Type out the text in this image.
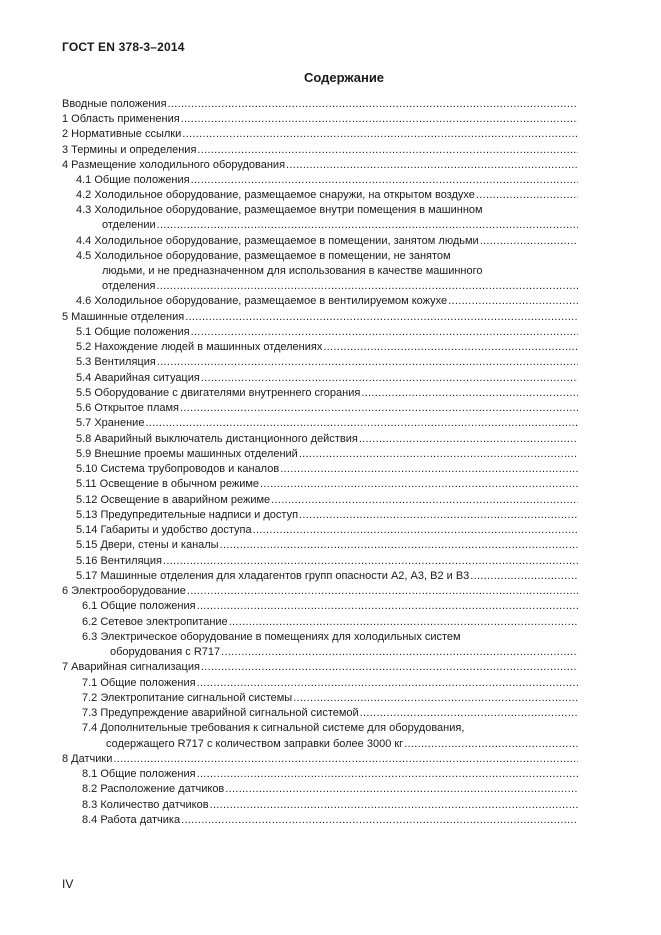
ГОСТ EN 378-3–2014
Содержание
Вводные положения
.....
1 Область применения
.....
2 Нормативные ссылки
.....
3 Термины и определения
.....
4 Размещение холодильного оборудования
.....
4.1 Общие положения
.....
4.2 Холодильное оборудование, размещаемое снаружи, на открытом воздухе
.....
4.3 Холодильное оборудование, размещаемое внутри помещения в машинном
отделении
.....
4.4 Холодильное оборудование, размещаемое в помещении, занятом людьми
.....
4.5 Холодильное оборудование, размещаемое в помещении, не занятом
людьми, и не предназначенном для использования в качестве машинного
отделения
.....
4.6 Холодильное оборудование, размещаемое в вентилируемом кожухе
.....
5 Машинные отделения
.....
5.1 Общие положения
.....
5.2 Нахождение людей в машинных отделениях
.....
5.3 Вентиляция
.....
5.4 Аварийная ситуация
.....
5.5 Оборудование с двигателями внутреннего сгорания
.....
5.6 Открытое пламя
.....
5.7 Хранение
.....
5.8 Аварийный выключатель дистанционного действия
.....
5.9 Внешние проемы машинных отделений
.....
5.10 Система трубопроводов и каналов
.....
5.11 Освещение в обычном режиме
.....
5.12 Освещение в аварийном режиме
.....
5.13 Предупредительные надписи и доступ
.....
5.14 Габариты и удобство доступа
.....
5.15 Двери, стены и каналы
.....
5.16 Вентиляция
.....
5.17 Машинные отделения для хладагентов групп опасности А2, А3, В2 и В3
.....
6 Электрооборудование
.....
6.1 Общие положения
.....
6.2 Сетевое электропитание
.....
6.3 Электрическое оборудование в помещениях для холодильных систем
оборудования с R717
.....
7 Аварийная сигнализация
.....
7.1 Общие положения
.....
7.2 Электропитание сигнальной системы
.....
7.3 Предупреждение аварийной сигнальной системой
.....
7.4 Дополнительные требования к сигнальной системе для оборудования,
содержащего R717 с количеством заправки более 3000 кг
.....
8 Датчики
.....
8.1 Общие положения
.....
8.2 Расположение датчиков
.....
8.3 Количество датчиков
.....
8.4 Работа датчика
.....
IV
